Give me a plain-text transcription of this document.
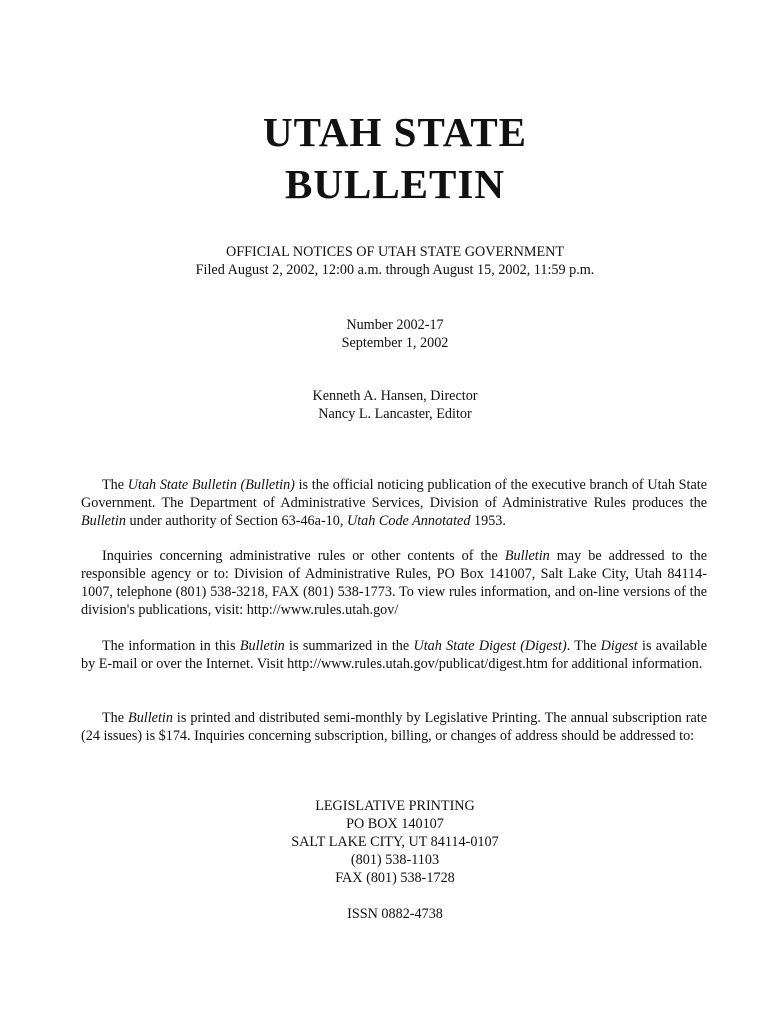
UTAH STATE
BULLETIN
OFFICIAL NOTICES OF UTAH STATE GOVERNMENT
Filed August 2, 2002, 12:00 a.m. through August 15, 2002, 11:59 p.m.
Number 2002-17
September 1, 2002
Kenneth A. Hansen, Director
Nancy L. Lancaster, Editor

The Utah State Bulletin (Bulletin) is the official noticing publication of the executive branch of Utah State Government. The Department of Administrative Services, Division of Administrative Rules produces the Bulletin under authority of Section 63-46a-10, Utah Code Annotated 1953.

Inquiries concerning administrative rules or other contents of the Bulletin may be addressed to the responsible agency or to: Division of Administrative Rules, PO Box 141007, Salt Lake City, Utah 84114-1007, telephone (801) 538-3218, FAX (801) 538-1773. To view rules information, and on-line versions of the division's publications, visit: http://www.rules.utah.gov/

The information in this Bulletin is summarized in the Utah State Digest (Digest). The Digest is available by E-mail or over the Internet. Visit http://www.rules.utah.gov/publicat/digest.htm for additional information.

The Bulletin is printed and distributed semi-monthly by Legislative Printing. The annual subscription rate (24 issues) is $174. Inquiries concerning subscription, billing, or changes of address should be addressed to:

LEGISLATIVE PRINTING
PO BOX 140107
SALT LAKE CITY, UT 84114-0107
(801) 538-1103
FAX (801) 538-1728
ISSN 0882-4738
